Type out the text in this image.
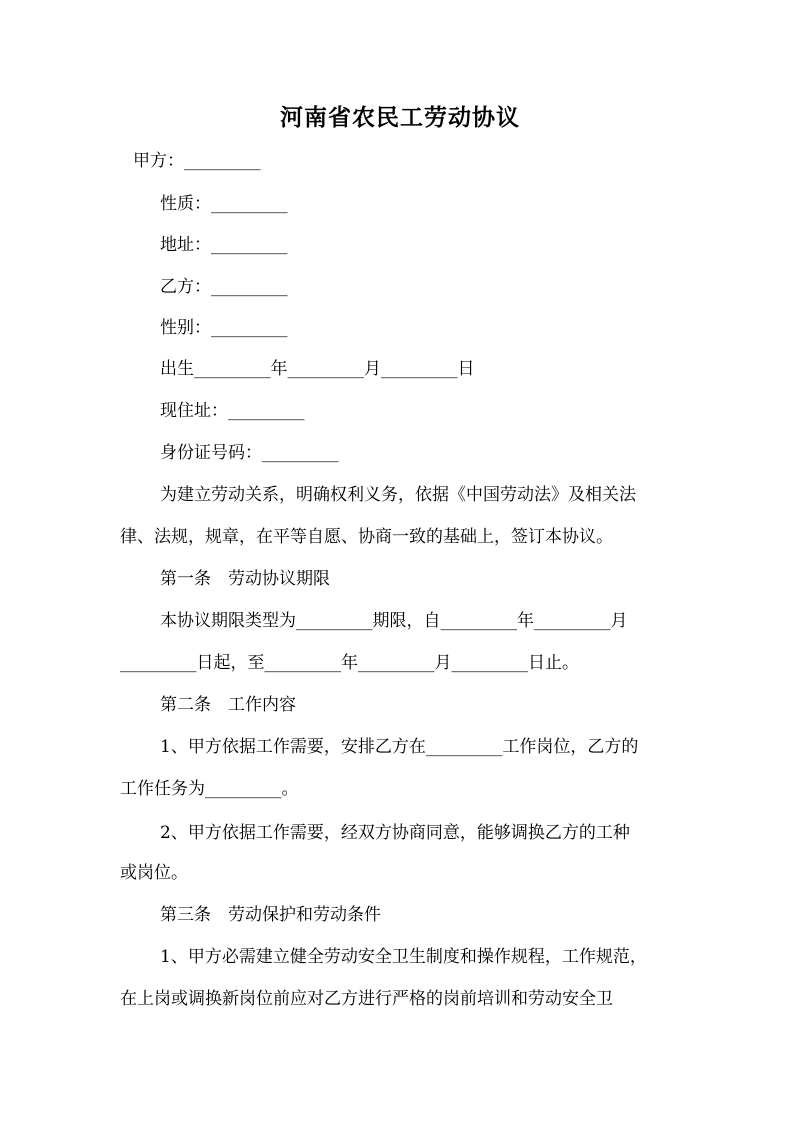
河南省农民工劳动协议
甲方：_________
性质：_________
地址：_________
乙方：_________
性别：_________
出生_________年_________月_________日
现住址：_________
身份证号码：_________
为建立劳动关系，明确权利义务，依据《中国劳动法》及相关法
律、法规，规章，在平等自愿、协商一致的基础上，签订本协议。
第一条　劳动协议期限
本协议期限类型为_________期限，自_________年_________月
_________日起，至_________年_________月_________日止。
第二条　工作内容
1、甲方依据工作需要，安排乙方在_________工作岗位，乙方的
工作任务为_________。
2、甲方依据工作需要，经双方协商同意，能够调换乙方的工种
或岗位。
第三条　劳动保护和劳动条件
1、甲方必需建立健全劳动安全卫生制度和操作规程，工作规范，
在上岗或调换新岗位前应对乙方进行严格的岗前培训和劳动安全卫
